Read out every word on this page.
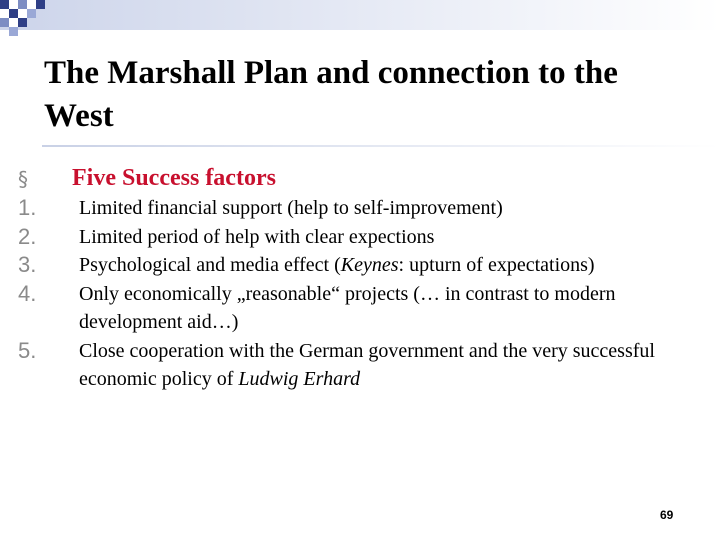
The Marshall Plan and connection to the West
§ Five Success factors
1. Limited financial support (help to self-improvement)
2. Limited period of help with clear expections
3. Psychological and media effect (Keynes: upturn of expectations)
4. Only economically „reasonable“ projects (… in contrast to modern development aid…)
5. Close cooperation with the German government and the very successful economic policy of Ludwig Erhard
69
